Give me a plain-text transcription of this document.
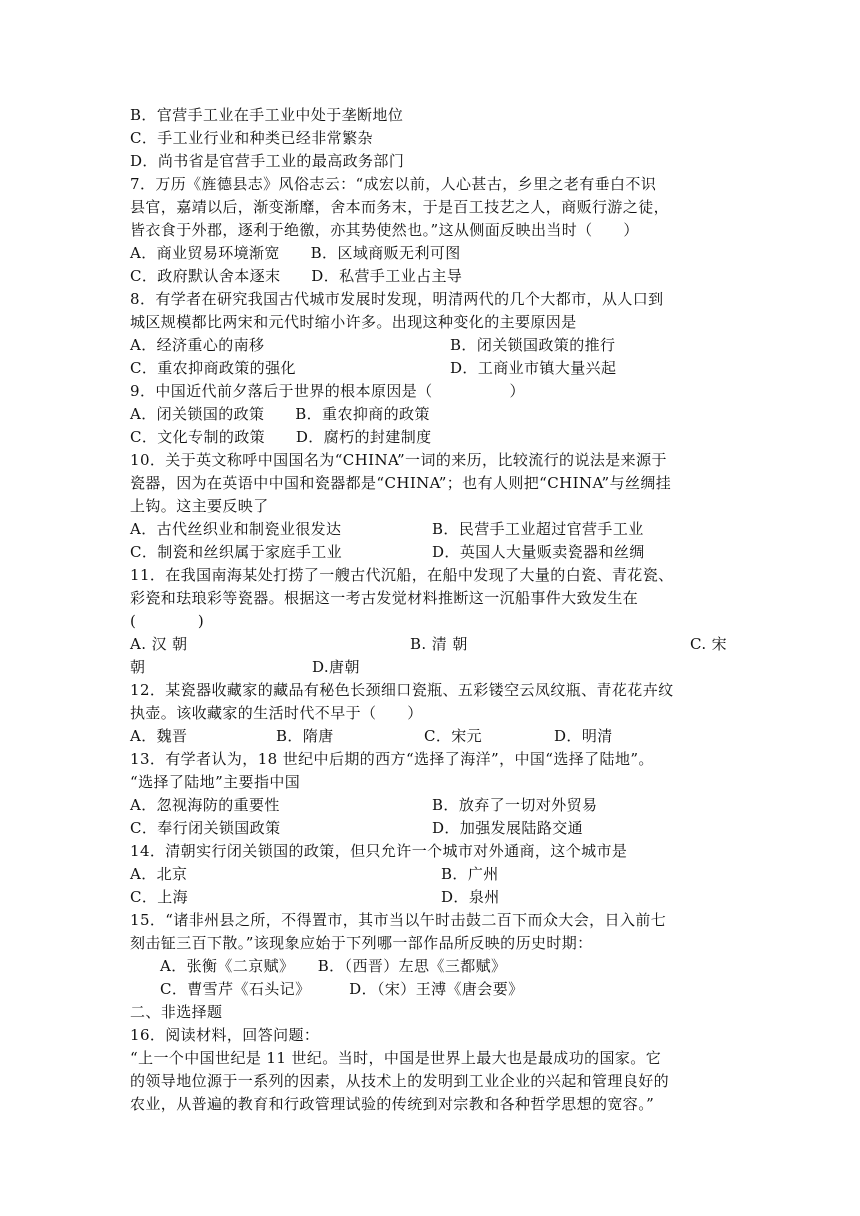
B．官营手工业在手工业中处于垄断地位
C．手工业行业和种类已经非常繁杂
D．尚书省是官营手工业的最高政务部门
7．万历《旌德县志》风俗志云：“成宏以前，人心甚古，乡里之老有垂白不识
县官，嘉靖以后，渐变渐靡，舍本而务末，于是百工技艺之人，商贩行游之徒，
皆衣食于外郡，逐利于绝徼，亦其势使然也。”这从侧面反映出当时（　　）
A．商业贸易环境渐宽　　B．区域商贩无利可图
C．政府默认舍本逐末　　D．私营手工业占主导
8．有学者在研究我国古代城市发展时发现，明清两代的几个大都市，从人口到
城区规模都比两宋和元代时缩小许多。出现这种变化的主要原因是
A．经济重心的南移	B．闭关锁国政策的推行
C．重农抑商政策的强化	D．工商业市镇大量兴起
9．中国近代前夕落后于世界的根本原因是（　　　　　）
A．闭关锁国的政策　　B．重农抑商的政策
C．文化专制的政策　　D．腐朽的封建制度
10．关于英文称呼中国国名为“CHINA”一词的来历，比较流行的说法是来源于
瓷器，因为在英语中中国和瓷器都是“CHINA”；也有人则把“CHINA”与丝绸挂
上钩。这主要反映了
A．古代丝织业和制瓷业很发达	B．民营手工业超过官营手工业
C．制瓷和丝织属于家庭手工业	D．英国人大量贩卖瓷器和丝绸
11．在我国南海某处打捞了一艘古代沉船，在船中发现了大量的白瓷、青花瓷、
彩瓷和珐琅彩等瓷器。根据这一考古发觉材料推断这一沉船事件大致发生在
(　　　　)
A. 汉 朝	B. 清 朝	C. 宋
朝	D.唐朝
12．某瓷器收藏家的藏品有秘色长颈细口瓷瓶、五彩镂空云凤纹瓶、青花花卉纹
执壶。该收藏家的生活时代不早于（　　）
A．魏晋	B．隋唐	C．宋元	D．明清
13．有学者认为，18 世纪中后期的西方“选择了海洋”，中国“选择了陆地”。
“选择了陆地”主要指中国
A．忽视海防的重要性	B．放弃了一切对外贸易
C．奉行闭关锁国政策	D．加强发展陆路交通
14．清朝实行闭关锁国的政策，但只允许一个城市对外通商，这个城市是
A．北京	B．广州
C．上海	D．泉州
15．“诸非州县之所，不得置市，其市当以午时击鼓二百下而众大会，日入前七
刻击钲三百下散。”该现象应始于下列哪一部作品所反映的历史时期：
A．张衡《二京赋》　　B．（西晋）左思《三都赋》
C．曹雪芹《石头记》　　　D．（宋）王溥《唐会要》
二、非选择题
16．阅读材料，回答问题：
“上一个中国世纪是 11 世纪。当时，中国是世界上最大也是最成功的国家。它
的领导地位源于一系列的因素，从技术上的发明到工业企业的兴起和管理良好的
农业，从普遍的教育和行政管理试验的传统到对宗教和各种哲学思想的宽容。”
